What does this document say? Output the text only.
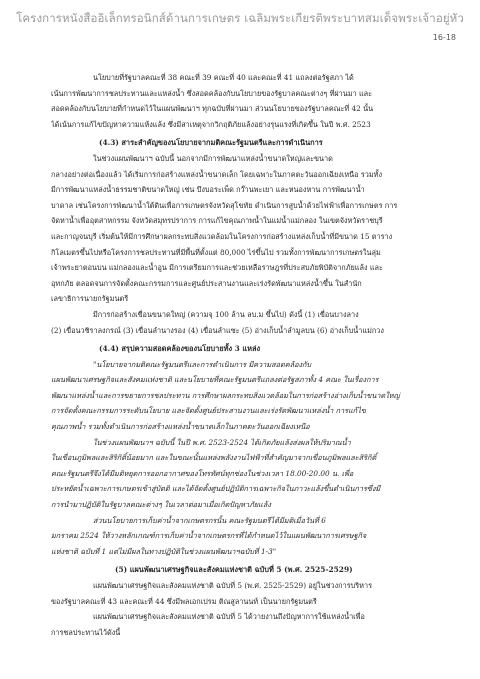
โครงการหนังสืออิเล็กทรอนิกส์ด้านการเกษตร เฉลิมพระเกียรติพระบาทสมเด็จพระเจ้าอยู่หัว
16-18
นโยบายที่รัฐบาลคณะที่ 38 คณะที่ 39 คณะที่ 40 และคณะที่ 41 แถลงต่อรัฐสภา ได้
เน้นการพัฒนาการชลประทานและแหล่งน้ำ ซึ่งสอดคล้องกับนโยบายของรัฐบาลคณะต่างๆ ที่ผ่านมา และ
สอดคล้องกับนโยบายที่กำหนดไว้ในแผนพัฒนาฯ ทุกฉบับที่ผ่านมา ส่วนนโยบายของรัฐบาลคณะที่ 42 นั้น
ได้เน้นการแก้ไขปัญหาความแห้งแล้ง ซึ่งมีสาเหตุจากวิกฤติภัยแล้งอย่างรุนแรงที่เกิดขึ้น ในปี พ.ศ. 2523
(4.3) สาระสำคัญของนโยบายจากมติคณะรัฐมนตรีและการดำเนินการ
ในช่วงแผนพัฒนาฯ ฉบับนี้ นอกจากมีการพัฒนาแหล่งน้ำขนาดใหญ่และขนาด
กลางอย่างต่อเนื่องแล้ว ได้เริ่มการก่อสร้างแหล่งน้ำขนาดเล็ก โดยเฉพาะในภาคตะวันออกเฉียงเหนือ รวมทั้ง
มีการพัฒนาแหล่งน้ำธรรมชาติขนาดใหญ่ เช่น บึงบอระเพ็ด กว๊านพะเยา และหนองหาน การพัฒนาน้ำ
บาดาล เช่นโครงการพัฒนาน้ำใต้ดินเพื่อการเกษตรจังหวัดสุโขทัย ดำเนินการสูบน้ำด้วยไฟฟ้าเพื่อการเกษตร การ
จัดหาน้ำเพื่ออุตสาหกรรม จังหวัดสมุทรปราการ การแก้ไขคุณภาพน้ำในแม่น้ำแม่กลอง ในเขตจังหวัดราชบุรี
และกาญจนบุรี เริ่มต้นให้มีการศึกษาผลกระทบสิ่งแวดล้อมในโครงการก่อสร้างแหล่งเก็บน้ำที่มีขนาด 15 ตาราง
กิโลเมตรขึ้นไปหรือโครงการชลประทานที่มีพื้นที่ตั้งแต่ 80,000 ไร่ขึ้นไป รวมทั้งการพัฒนาการเกษตรในลุ่ม
เจ้าพระยาตอนบน แม่กลองและน้ำอูน มีการเตรียมการและช่วยเหลือราษฎรที่ประสบภัยพิบัติจากภัยแล้ง และ
อุทกภัย ตลอดจนการจัดตั้งคณะกรรมการและศูนย์ประสานงานและเร่งรัดพัฒนาแหล่งน้ำขึ้น ในสำนัก
เลขาธิการนายกรัฐมนตรี
มีการก่อสร้างเขื่อนขนาดใหญ่ (ความจุ 100 ล้าน ลบ.ม ขึ้นไป) ดังนี้ (1) เขื่อนบางลาง
(2) เขื่อนวชิราลงกรณ์ (3) เขื่อนลำนางรอง (4) เขื่อนลำแซะ (5) อ่างเก็บน้ำลำมูลบน (6) อ่างเก็บน้ำแม่กวง
(4.4) สรุปความสอดคล้องของนโยบายทั้ง 3 แหล่ง
"นโยบายจากมติคณะรัฐมนตรีและการดำเนินการ มีความสอดคล้องกับ
แผนพัฒนาเศรษฐกิจและสังคมแห่งชาติ และนโยบายที่คณะรัฐมนตรีแถลงต่อรัฐสภาทั้ง 4 คณะ ในเรื่องการ
พัฒนาแหล่งน้ำและการขยายการชลประทาน การศึกษาผลกระทบสิ่งแวดล้อมในการก่อสร้างอ่างเก็บน้ำขนาดใหญ่
การจัดตั้งคณะกรรมการระดับนโยบาย และจัดตั้งศูนย์ประสานงานและเร่งรัดพัฒนาแหล่งน้ำ การแก้ไข
คุณภาพน้ำ รวมทั้งดำเนินการก่อสร้างแหล่งน้ำขนาดเล็กในภาคตะวันออกเฉียงเหนือ
ในช่วงแผนพัฒนาฯ ฉบับนี้ ในปี พ.ศ. 2523-2524 ได้เกิดภัยแล้งส่งผลให้ปริมาณน้ำ
ในเขื่อนภูมิพลและสิริกิติ์น้อยมาก และในขณะนั้นแหล่งพลังงานไฟฟ้าที่สำคัญมาจากเขื่อนภูมิพลและสิริกิติ์
คณะรัฐมนตรีจึงได้มีมติหยุดการออกอากาศของโทรทัศน์ทุกช่องในช่วงเวลา 18.00-20.00 น. เพื่อ
ประหยัดน้ำเฉพาะการเกษตรเข้าสู่บัตติ และได้จัดตั้งศูนย์ปฏิบัติการเฉพาะกิจในภาวะแล้งขึ้นดำเนินการซึ่งมี
การนำมาปฏิบัติในรัฐบาลคณะต่างๆ ในเวลาต่อมาเมื่อเกิดปัญหาภัยแล้ง
ส่วนนโยบายการเก็บค่าน้ำจากเกษตรกรนั้น คณะรัฐมนตรีได้มีมติเมื่อวันที่ 6
มกราคม 2524 ให้วางหลักเกณฑ์การเก็บค่าน้ำจากเกษตรกรที่ได้กำหนดไว้ในแผนพัฒนาการเศรษฐกิจ
แห่งชาติ ฉบับที่ 1 แต่ไม่มีผลในทางปฏิบัติในช่วงแผนพัฒนาฯฉบับที่ 1-3"
(5) แผนพัฒนาเศรษฐกิจและสังคมแห่งชาติ ฉบับที่ 5 (พ.ศ. 2525-2529)
แผนพัฒนาเศรษฐกิจและสังคมแห่งชาติ ฉบับที่ 5 (พ.ศ. 2525-2529) อยู่ในช่วงการบริหาร
ของรัฐบาลคณะที่ 43 และคณะที่ 44 ซึ่งมีพลเอกเปรม ติณสูลานนท์ เป็นนายกรัฐมนตรี
แผนพัฒนาเศรษฐกิจและสังคมแห่งชาติ ฉบับที่ 5 ได้วายงานถึงปัญหาการใช้แหล่งน้ำเพื่อ
การชลประทานไว้ดังนี้
